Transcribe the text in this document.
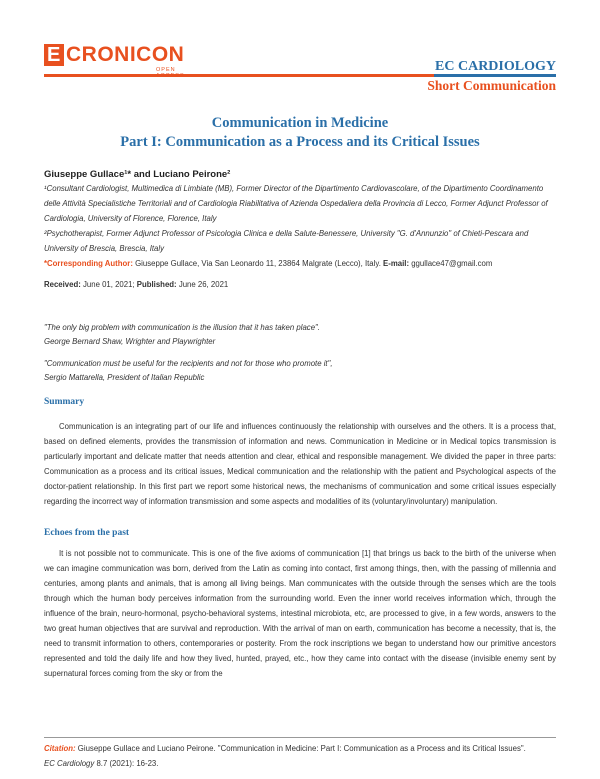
E CRONICON
OPEN	EC CARDIOLOGY
Short Communication
Communication in Medicine
Part I: Communication as a Process and its Critical Issues
Giuseppe Gullace¹* and Luciano Peirone²
¹Consultant Cardiologist, Multimedica di Limbiate (MB), Former Director of the Dipartimento Cardiovascolare, of the Dipartimento Coordinamento delle Attività Specialistiche Territoriali and of Cardiologia Riabilitativa of Azienda Ospedaliera della Provincia di Lecco, Former Adjunct Professor of Cardiologia, University of Florence, Florence, Italy
²Psychotherapist, Former Adjunct Professor of Psicologia Clinica e della Salute-Benessere, University "G. d'Annunzio" of Chieti-Pescara and University of Brescia, Brescia, Italy
*Corresponding Author: Giuseppe Gullace, Via San Leonardo 11, 23864 Malgrate (Lecco), Italy. E-mail: ggullace47@gmail.com
Received: June 01, 2021; Published: June 26, 2021
"The only big problem with communication is the illusion that it has taken place".
George Bernard Shaw, Wrighter and Playwrighter
"Communication must be useful for the recipients and not for those who promote it",
Sergio Mattarella, President of Italian Republic
Summary
Communication is an integrating part of our life and influences continuously the relationship with ourselves and the others. It is a process that, based on defined elements, provides the transmission of information and news. Communication in Medicine or in Medical topics transmission is particularly important and delicate matter that needs attention and clear, ethical and responsible management. We divided the paper in three parts: Communication as a process and its critical issues, Medical communication and the relationship with the patient and Psychological aspects of the doctor-patient relationship. In this first part we report some historical news, the mechanisms of communication and some critical issues especially regarding the incorrect way of information transmission and some aspects and modalities of its (voluntary/involuntary) manipulation.
Echoes from the past
It is not possible not to communicate. This is one of the five axioms of communication [1] that brings us back to the birth of the universe when we can imagine communication was born, derived from the Latin as coming into contact, first among things, then, with the passing of millennia and centuries, among plants and animals, that is among all living beings. Man communicates with the outside through the senses which are the tools through which the human body perceives information from the surrounding world. Even the inner world receives information which, through the influence of the brain, neuro-hormonal, psycho-behavioral systems, intestinal microbiota, etc, are processed to give, in a few words, answers to the two great human objectives that are survival and reproduction. With the arrival of man on earth, communication has become a necessity, that is, the need to transmit information to others, contemporaries or posterity. From the rock inscriptions we began to understand how our primitive ancestors represented and told the daily life and how they lived, hunted, prayed, etc., how they came into contact with the disease (invisible enemy sent by supernatural forces coming from the sky or from the
Citation: Giuseppe Gullace and Luciano Peirone. "Communication in Medicine: Part I: Communication as a Process and its Critical Issues".
EC Cardiology 8.7 (2021): 16-23.
